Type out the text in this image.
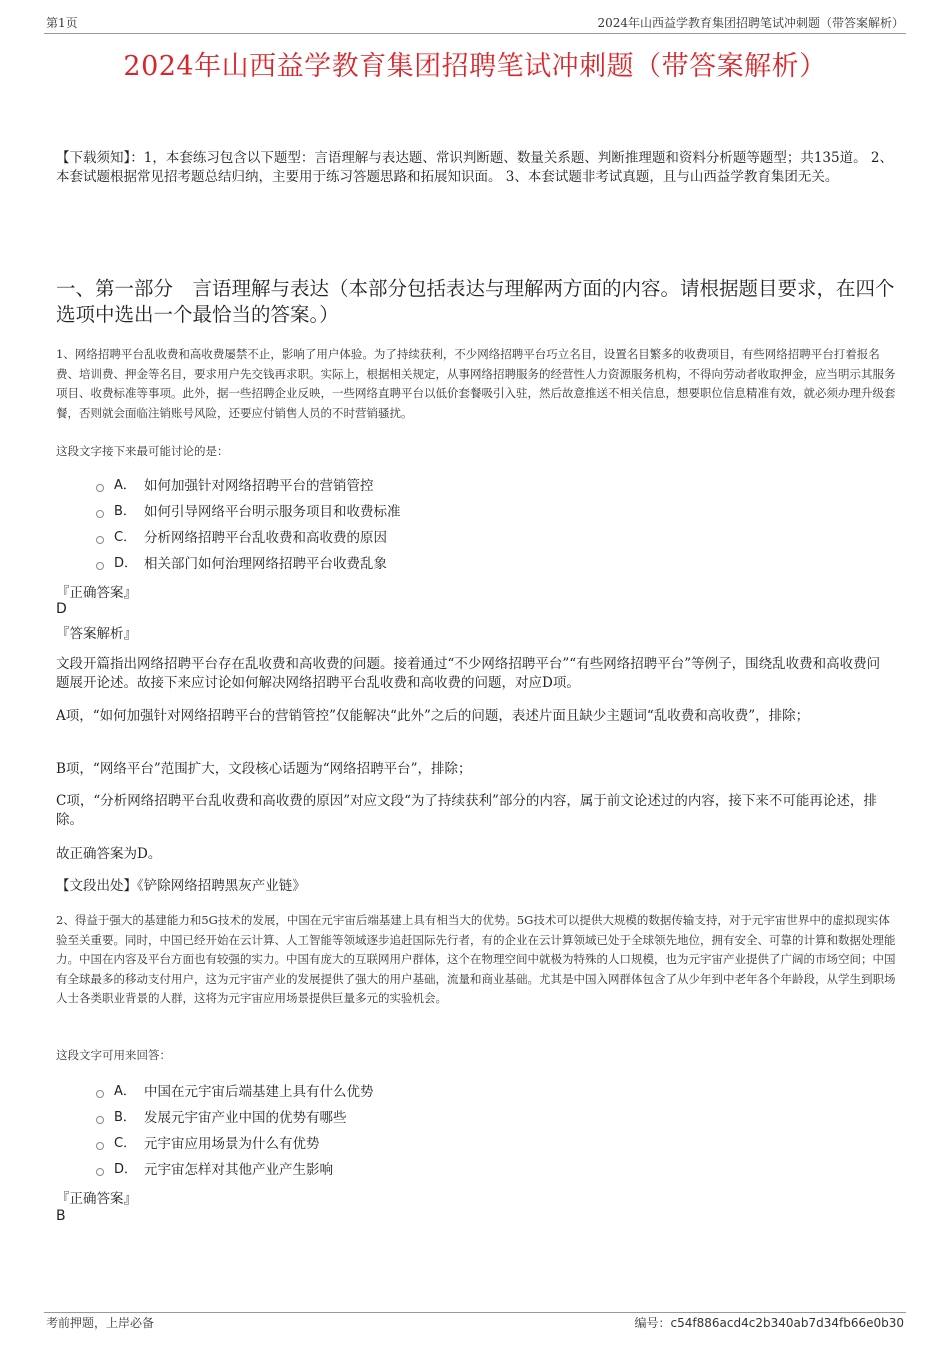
第1页	2024年山西益学教育集团招聘笔试冲刺题（带答案解析）
2024年山西益学教育集团招聘笔试冲刺题（带答案解析）
【下载须知】：1，本套练习包含以下题型：言语理解与表达题、常识判断题、数量关系题、判断推理题和资料分析题等题型；共135道。 2、本套试题根据常见招考题总结归纳，主要用于练习答题思路和拓展知识面。 3、本套试题非考试真题，且与山西益学教育集团无关。
一、第一部分　言语理解与表达（本部分包括表达与理解两方面的内容。请根据题目要求，在四个选项中选出一个最恰当的答案。）
1、网络招聘平台乱收费和高收费屡禁不止，影响了用户体验。为了持续获利，不少网络招聘平台巧立名目，设置名目繁多的收费项目，有些网络招聘平台打着报名费、培训费、押金等名目，要求用户先交钱再求职。实际上，根据相关规定，从事网络招聘服务的经营性人力资源服务机构，不得向劳动者收取押金，应当明示其服务项目、收费标准等事项。此外，据一些招聘企业反映，一些网络直聘平台以低价套餐吸引入驻，然后故意推送不相关信息，想要职位信息精准有效，就必须办理升级套餐，否则就会面临注销账号风险，还要应付销售人员的不时营销骚扰。
这段文字接下来最可能讨论的是：
A． 如何加强针对网络招聘平台的营销管控
B． 如何引导网络平台明示服务项目和收费标准
C． 分析网络招聘平台乱收费和高收费的原因
D． 相关部门如何治理网络招聘平台收费乱象
『正确答案』
D
『答案解析』
文段开篇指出网络招聘平台存在乱收费和高收费的问题。接着通过“不少网络招聘平台”“有些网络招聘平台”等例子，围绕乱收费和高收费问题展开论述。故接下来应讨论如何解决网络招聘平台乱收费和高收费的问题，对应D项。
A项，“如何加强针对网络招聘平台的营销管控”仅能解决“此外”之后的问题，表述片面且缺少主题词“乱收费和高收费”，排除；
B项，“网络平台”范围扩大，文段核心话题为“网络招聘平台”，排除；
C项，“分析网络招聘平台乱收费和高收费的原因”对应文段“为了持续获利”部分的内容，属于前文论述过的内容，接下来不可能再论述，排除。
故正确答案为D。
【文段出处】《铲除网络招聘黑灰产业链》
2、得益于强大的基建能力和5G技术的发展，中国在元宇宙后端基建上具有相当大的优势。5G技术可以提供大规模的数据传输支持，对于元宇宙世界中的虚拟现实体验至关重要。同时，中国已经开始在云计算、人工智能等领域逐步追赶国际先行者，有的企业在云计算领域已处于全球领先地位，拥有安全、可靠的计算和数据处理能力。中国在内容及平台方面也有较强的实力。中国有庞大的互联网用户群体，这个在物理空间中就极为特殊的人口规模，也为元宇宙产业提供了广阔的市场空间；中国有全球最多的移动支付用户，这为元宇宙产业的发展提供了强大的用户基础，流量和商业基础。尤其是中国入网群体包含了从少年到中老年各个年龄段，从学生到职场人士各类职业背景的人群，这将为元宇宙应用场景提供巨量多元的实验机会。
这段文字可用来回答：
A． 中国在元宇宙后端基建上具有什么优势
B． 发展元宇宙产业中国的优势有哪些
C． 元宇宙应用场景为什么有优势
D． 元宇宙怎样对其他产业产生影响
『正确答案』
B
考前押题，上岸必备	编号：c54f886acd4c2b340ab7d34fb66e0b30
